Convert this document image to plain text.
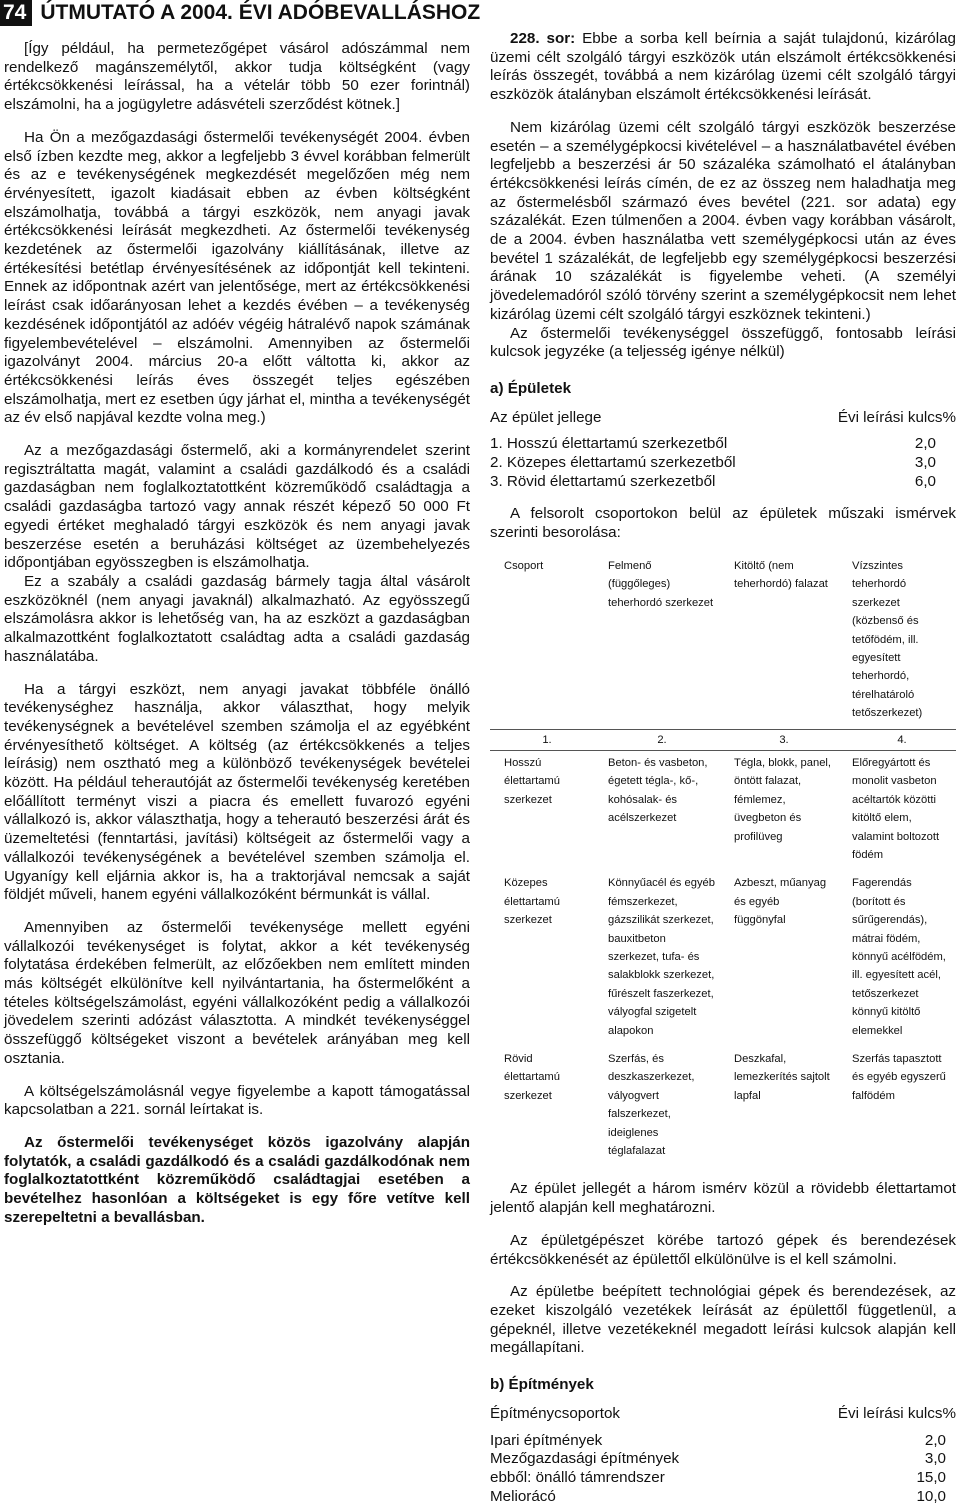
74 ÚTMUTATÓ A 2004. ÉVI ADÓBEVALLÁSHOZ

[Így például, ha permetezőgépet vásárol adószámmal nem rendelkező magánszemélytől, akkor tudja költségként (vagy értékcsökkenési leírással, ha a vételár több 50 ezer forintnál) elszámolni, ha a jogügyletre adásvételi szerződést kötnek.]

Ha Ön a mezőgazdasági őstermelői tevékenységét 2004. évben első ízben kezdte meg, akkor a legfeljebb 3 évvel korábban felmerült és az e tevékenységének megkezdését megelőzően még nem érvényesített, igazolt kiadásait ebben az évben költségként elszámolhatja, továbbá a tárgyi eszközök, nem anyagi javak értékcsökkenési leírását megkezdheti. Az őstermelői tevékenység kezdetének az őstermelői igazolvány kiállításának, illetve az értékesítési betétlap érvényesítésének az időpontját kell tekinteni. Ennek az időpontnak azért van jelentősége, mert az értékcsökkenési leírást csak időarányosan lehet a kezdés évében – a tevékenység kezdésének időpontjától az adóév végéig hátralévő napok számának figyelembevételével – elszámolni. Amennyiben az őstermelői igazolványt 2004. március 20-a előtt váltotta ki, akkor az értékcsökkenési leírás éves összegét teljes egészében elszámolhatja, mert ez esetben úgy járhat el, mintha a tevékenységét az év első napjával kezdte volna meg.)

Az a mezőgazdasági őstermelő, aki a kormányrendelet szerint regisztráltatta magát, valamint a családi gazdálkodó és a családi gazdaságban nem foglalkoztatottként közreműködő családtagja a családi gazdaságba tartozó vagy annak részét képező 50 000 Ft egyedi értéket meghaladó tárgyi eszközök és nem anyagi javak beszerzése esetén a beruházási költséget az üzembehelyezés időpontjában egyösszegben is elszámolhatja.

Ez a szabály a családi gazdaság bármely tagja által vásárolt eszközöknél (nem anyagi javaknál) alkalmazható. Az egyösszegű elszámolásra akkor is lehetőség van, ha az eszközt a gazdaságban alkalmazottként foglalkoztatott családtag adta a családi gazdaság használatába.

Ha a tárgyi eszközt, nem anyagi javakat többféle önálló tevékenységhez használja, akkor választhat, hogy melyik tevékenységnek a bevételével szemben számolja el az egyébként érvényesíthető költséget. A költség (az értékcsökkenés a teljes leírásig) nem osztható meg a különböző tevékenységek bevételei között. Ha például teherautóját az őstermelői tevékenység keretében előállított terményt viszi a piacra és emellett fuvarozó egyéni vállalkozó is, akkor választhatja, hogy a teherautó beszerzési árát és üzemeltetési (fenntartási, javítási) költségeit az őstermelői vagy a vállalkozói tevékenységének a bevételével szemben számolja el. Ugyanígy kell eljárnia akkor is, ha a traktorjával nemcsak a saját földjét műveli, hanem egyéni vállalkozóként bérmunkát is vállal.

Amennyiben az őstermelői tevékenysége mellett egyéni vállalkozói tevékenységet is folytat, akkor a két tevékenység folytatása érdekében felmerült, az előzőekben nem említett minden más költségét elkülönítve kell nyilvántartania, ha őstermelőként a tételes költségelszámolást, egyéni vállalkozóként pedig a vállalkozói jövedelem szerinti adózást választotta. A mindkét tevékenységgel összefüggő költségeket viszont a bevételek arányában meg kell osztania.

A költségelszámolásnál vegye figyelembe a kapott támogatással kapcsolatban a 221. sornál leírtakat is.

Az őstermelői tevékenységet közös igazolvány alapján folytatók, a családi gazdálkodó és a családi gazdálkodónak nem foglalkoztatottként közreműködő családtagjai esetében a bevételhez hasonlóan a költségeket is egy főre vetítve kell szerepeltetni a bevallásban.

228. sor: Ebbe a sorba kell beírnia a saját tulajdonú, kizárólag üzemi célt szolgáló tárgyi eszközök után elszámolt értékcsökkenési leírás összegét, továbbá a nem kizárólag üzemi célt szolgáló tárgyi eszközök átalányban elszámolt értékcsökkenési leírását.

Nem kizárólag üzemi célt szolgáló tárgyi eszközök beszerzése esetén – a személygépkocsi kivételével – a használatbavétel évében legfeljebb a beszerzési ár 50 százaléka számolható el átalányban értékcsökkenési leírás címén, de ez az összeg nem haladhatja meg az őstermelésből származó éves bevétel (221. sor adata) egy százalékát. Ezen túlmenően a 2004. évben vagy korábban vásárolt, de a 2004. évben használatba vett személygépkocsi után az éves bevétel 1 százalékát, de legfeljebb egy személygépkocsi beszerzési árának 10 százalékát is figyelembe veheti. (A személyi jövedelemadóról szóló törvény szerint a személygépkocsit nem lehet kizárólag üzemi célt szolgáló tárgyi eszköznek tekinteni.)

Az őstermelői tevékenységgel összefüggő, fontosabb leírási kulcsok jegyzéke (a teljesség igénye nélkül)

a) Épületek

Az épület jellege	Évi leírási kulcs%
1. Hosszú élettartamú szerkezetből	2,0
2. Közepes élettartamú szerkezetből	3,0
3. Rövid élettartamú szerkezetből	6,0

A felsorolt csoportokon belül az épületek műszaki ismérvek szerinti besorolása:

Csoport	Felmenő (függőleges) teherhordó szerkezet	Kitöltő (nem teherhordó) falazat	Vízszintes teherhordó szerkezet (közbenső és tetőfödém, ill. egyesített teherhordó, térelhatároló tetőszerkezet)
1.	2.	3.	4.
Hosszú élettartamú szerkezet	Beton- és vasbeton, égetett tégla-, kő-, kohósalak- és acélszerkezet	Tégla, blokk, panel, öntött falazat, fémlemez, üvegbeton és profilüveg	Előregyártott és monolit vasbeton acéltartók közötti kitöltő elem, valamint boltozott födém
Közepes élettartamú szerkezet	Könnyűacél és egyéb fémszerkezet, gázszilikát szerkezet, bauxitbeton szerkezet, tufa- és salakblokk szerkezet, fűrészelt faszerkezet, vályogfal szigetelt alapokon	Azbeszt, műanyag és egyéb függönyfal	Fagerendás (borított és sűrűgerendás), mátrai födém, könnyű acélfödém, ill. egyesített acél, tetőszerkezet könnyű kitöltő elemekkel
Rövid élettartamú szerkezet	Szerfás, és deszkaszerkezet, vályogvert falszerkezet, ideiglenes téglafalazat	Deszkafal, lemezkerítés sajtolt lapfal	Szerfás tapasztott és egyéb egyszerű falfödém

Az épület jellegét a három ismérv közül a rövidebb élettartamot jelentő alapján kell meghatározni.

Az épületgépészet körébe tartozó gépek és berendezések értékcsökkenését az épülettől elkülönülve is el kell számolni.

Az épületbe beépített technológiai gépek és berendezések, az ezeket kiszolgáló vezetékek leírását az épülettől függetlenül, a gépeknél, illetve vezetékeknél megadott leírási kulcsok alapján kell megállapítani.

b) Építmények

Építménycsoportok	Évi leírási kulcs%
Ipari építmények	2,0
Mezőgazdasági építmények	3,0
ebből: önálló támrendszer	15,0
Meliorácó	10,0
